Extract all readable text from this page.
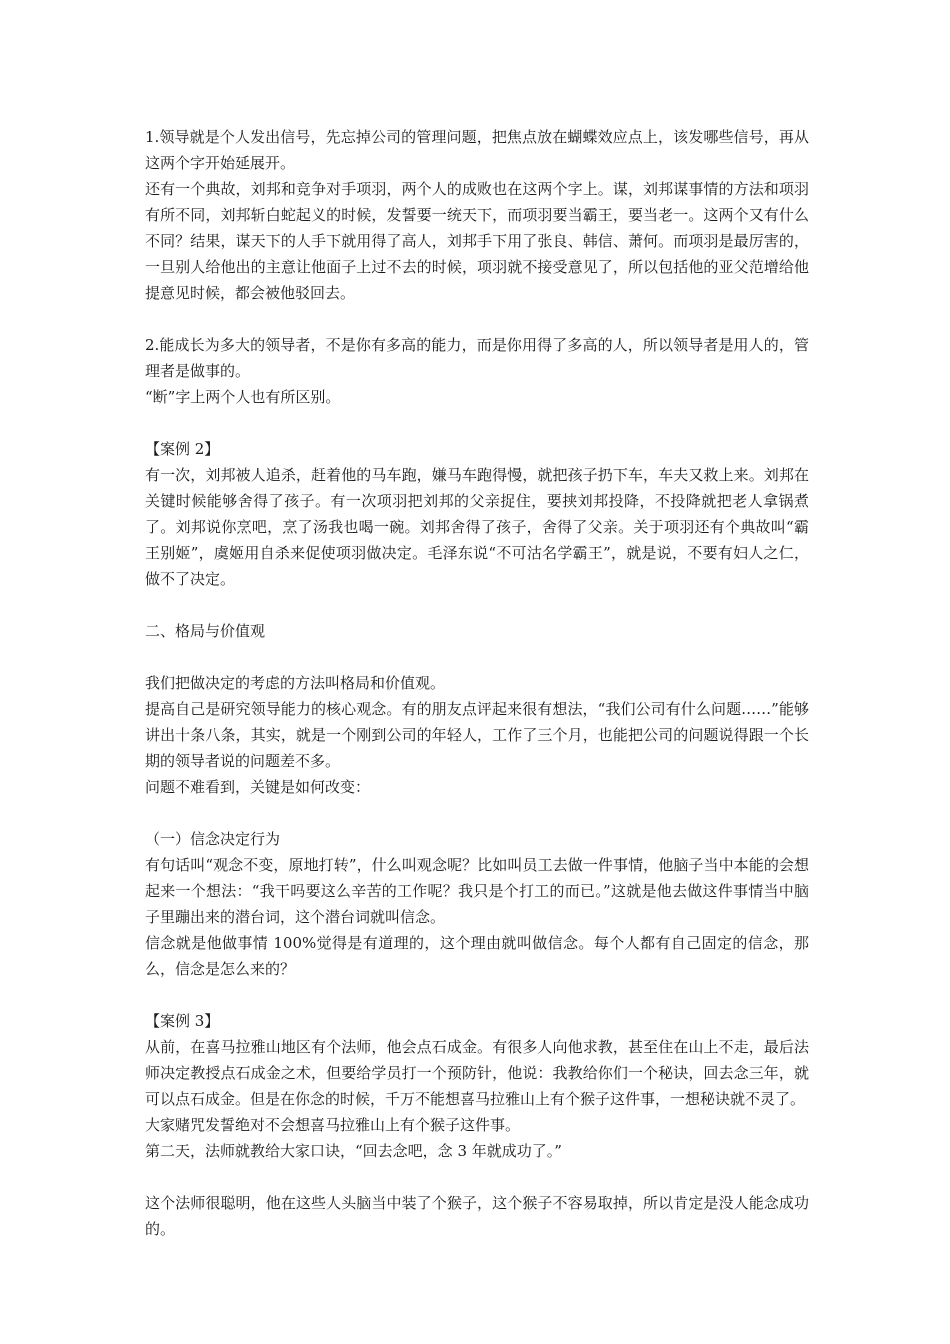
1.领导就是个人发出信号，先忘掉公司的管理问题，把焦点放在蝴蝶效应点上，该发哪些信号，再从这两个字开始延展开。

还有一个典故，刘邦和竞争对手项羽，两个人的成败也在这两个字上。谋，刘邦谋事情的方法和项羽有所不同，刘邦斩白蛇起义的时候，发誓要一统天下，而项羽要当霸王，要当老一。这两个又有什么不同？结果，谋天下的人手下就用得了高人，刘邦手下用了张良、韩信、萧何。而项羽是最厉害的，一旦别人给他出的主意让他面子上过不去的时候，项羽就不接受意见了，所以包括他的亚父范增给他提意见时候，都会被他驳回去。

2.能成长为多大的领导者，不是你有多高的能力，而是你用得了多高的人，所以领导者是用人的，管理者是做事的。

“断”字上两个人也有所区别。

【案例 2】

有一次，刘邦被人追杀，赶着他的马车跑，嫌马车跑得慢，就把孩子扔下车，车夫又救上来。刘邦在关键时候能够舍得了孩子。有一次项羽把刘邦的父亲捉住，要挟刘邦投降，不投降就把老人拿锅煮了。刘邦说你烹吧，烹了汤我也喝一碗。刘邦舍得了孩子，舍得了父亲。关于项羽还有个典故叫“霸王别姬”，虞姬用自杀来促使项羽做决定。毛泽东说“不可沽名学霸王”，就是说，不要有妇人之仁，做不了决定。

二、格局与价值观

我们把做决定的考虑的方法叫格局和价值观。

提高自己是研究领导能力的核心观念。有的朋友点评起来很有想法，“我们公司有什么问题……”能够讲出十条八条，其实，就是一个刚到公司的年轻人，工作了三个月，也能把公司的问题说得跟一个长期的领导者说的问题差不多。

问题不难看到，关键是如何改变：

（一）信念决定行为

有句话叫“观念不变，原地打转”，什么叫观念呢？比如叫员工去做一件事情，他脑子当中本能的会想起来一个想法：“我干吗要这么辛苦的工作呢？我只是个打工的而已。”这就是他去做这件事情当中脑子里蹦出来的潜台词，这个潜台词就叫信念。

信念就是他做事情 100%觉得是有道理的，这个理由就叫做信念。每个人都有自己固定的信念，那么，信念是怎么来的？

【案例 3】

从前，在喜马拉雅山地区有个法师，他会点石成金。有很多人向他求教，甚至住在山上不走，最后法师决定教授点石成金之术，但要给学员打一个预防针，他说：我教给你们一个秘诀，回去念三年，就可以点石成金。但是在你念的时候，千万不能想喜马拉雅山上有个猴子这件事，一想秘诀就不灵了。

大家赌咒发誓绝对不会想喜马拉雅山上有个猴子这件事。

第二天，法师就教给大家口诀，“回去念吧，念 3 年就成功了。”

这个法师很聪明，他在这些人头脑当中装了个猴子，这个猴子不容易取掉，所以肯定是没人能念成功的。
